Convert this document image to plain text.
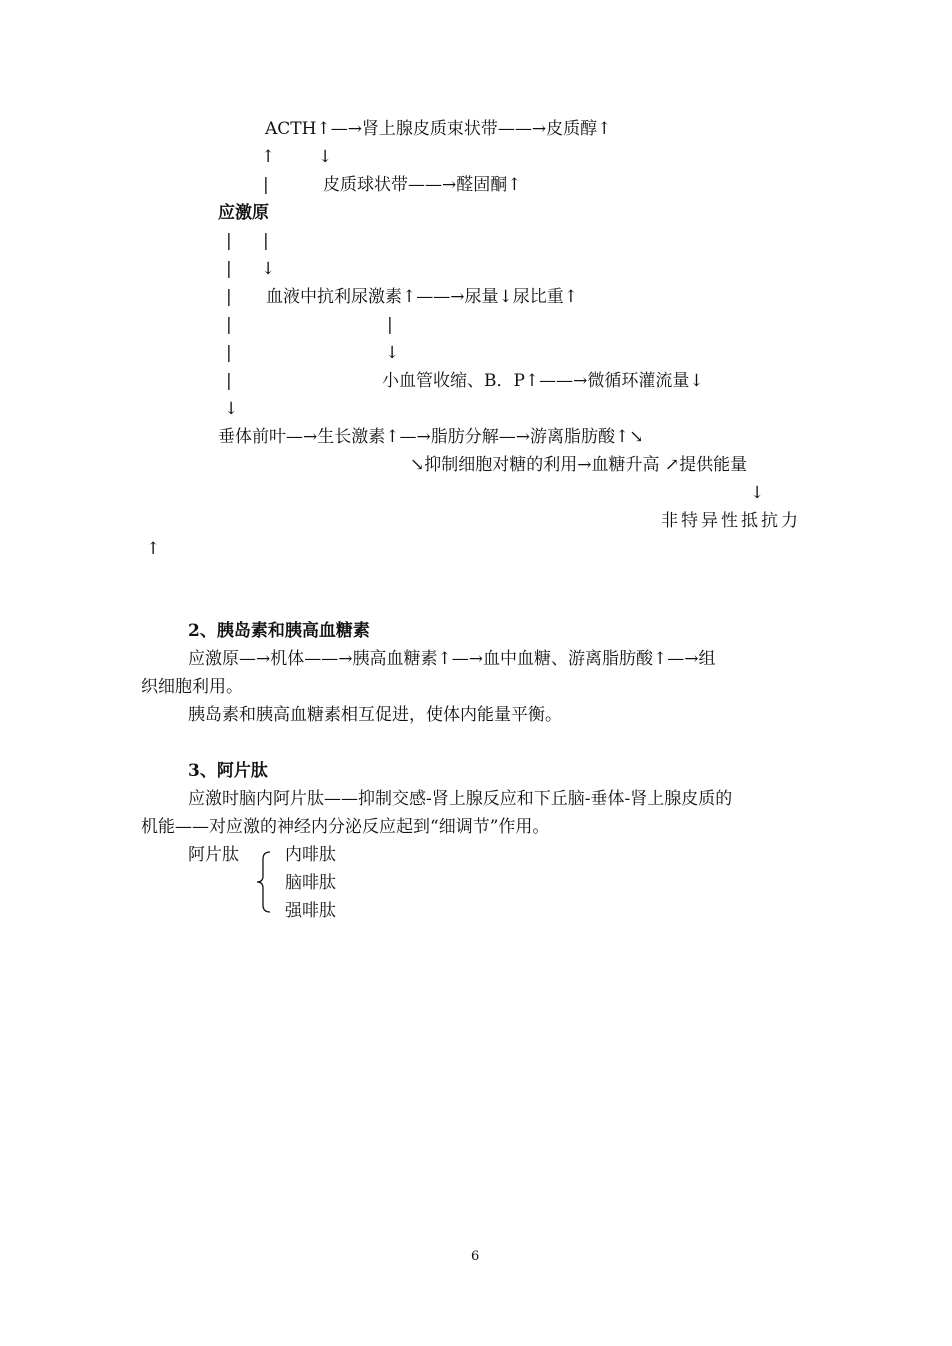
ACTH↑—→肾上腺皮质束状带——→皮质醇↑
↑	↓
|	皮质球状带——→醛固酮↑
应激原
| |
| ↓
| 血液中抗利尿激素↑——→尿量↓尿比重↑
|	|
|	↓
|	小血管收缩、B．P↑——→微循环灌流量↓
↓
垂体前叶—→生长激素↑—→脂肪分解—→游离脂肪酸↑↘
↘抑制细胞对糖的利用→血糖升高 ↗提供能量
↓
非特异性抵抗力
↑
2、胰岛素和胰高血糖素
应激原—→机体——→胰高血糖素↑—→血中血糖、游离脂肪酸↑—→组
织细胞利用。
胰岛素和胰高血糖素相互促进，使体内能量平衡。
3、阿片肽
应激时脑内阿片肽——抑制交感-肾上腺反应和下丘脑-垂体-肾上腺皮质的
机能——对应激的神经内分泌反应起到“细调节”作用。
阿片肽	内啡肽
脑啡肽
强啡肽
6
